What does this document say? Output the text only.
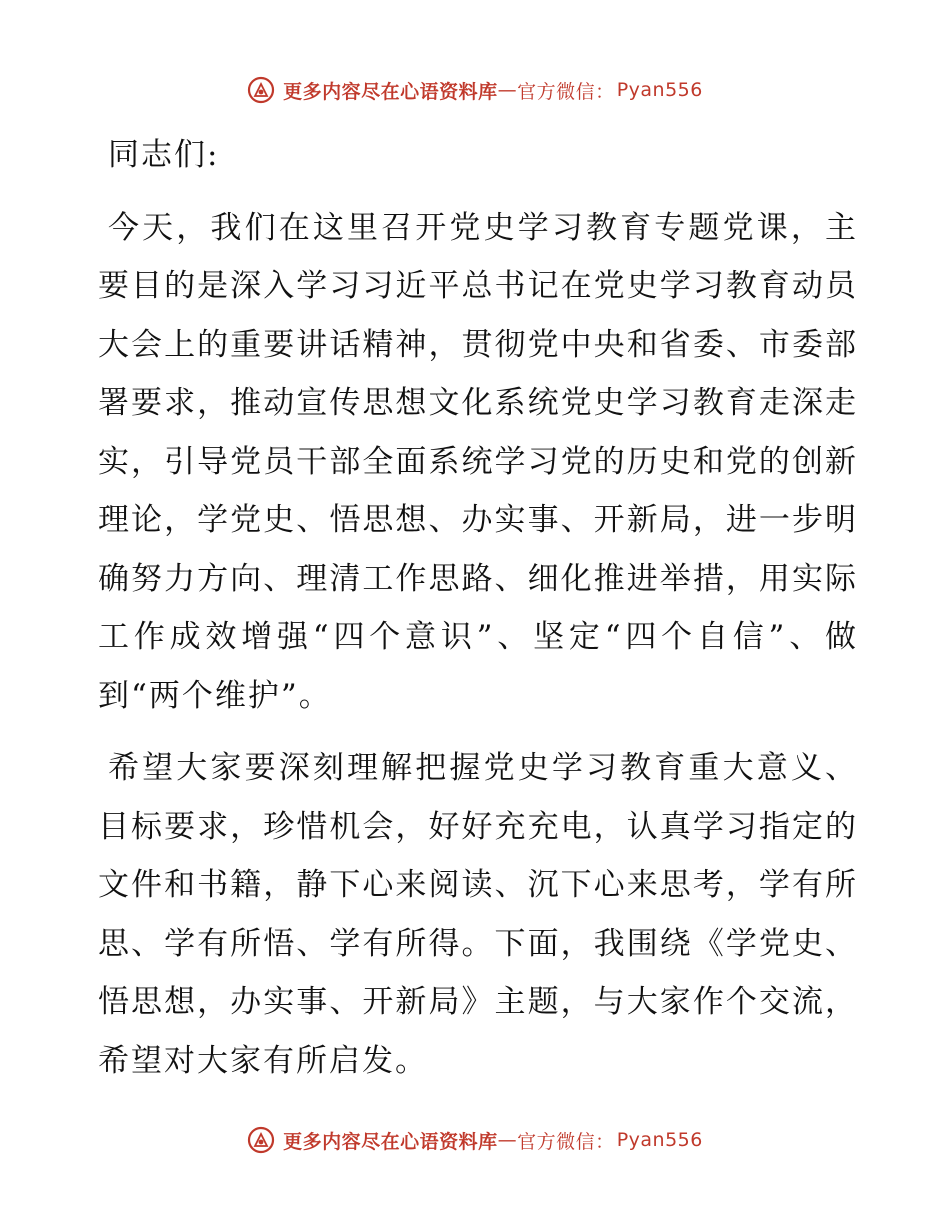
更多内容尽在心语资料库 — 官方微信： Pyan556
同志们:

今天，我们在这里召开党史学习教育专题党课，主要目的是深入学习习近平总书记在党史学习教育动员大会上的重要讲话精神，贯彻党中央和省委、市委部署要求，推动宣传思想文化系统党史学习教育走深走实，引导党员干部全面系统学习党的历史和党的创新理论，学党史、悟思想、办实事、开新局，进一步明确努力方向、理清工作思路、细化推进举措，用实际工作成效增强“四个意识”、坚定“四个自信”、做到“两个维护”。

希望大家要深刻理解把握党史学习教育重大意义、目标要求，珍惜机会，好好充充电，认真学习指定的文件和书籍，静下心来阅读、沉下心来思考，学有所思、学有所悟、学有所得。下面，我围绕《学党史、悟思想，办实事、开新局》主题，与大家作个交流，希望对大家有所启发。

更多内容尽在心语资料库 — 官方微信： Pyan556
